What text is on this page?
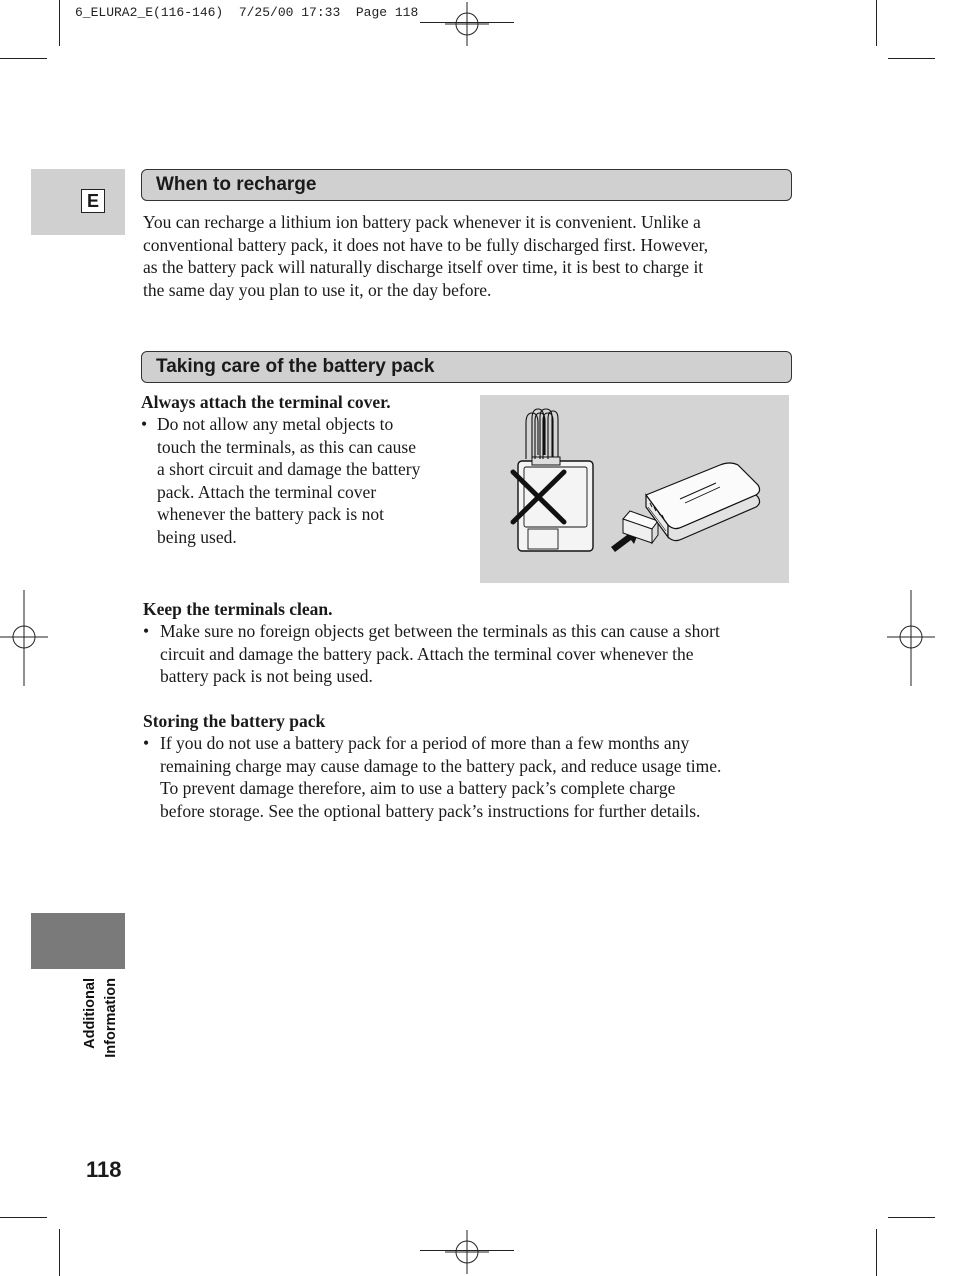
6_ELURA2_E(116-146)  7/25/00 17:33  Page 118
E
When to recharge
You can recharge a lithium ion battery pack whenever it is convenient. Unlike a
conventional battery pack, it does not have to be fully discharged first. However,
as the battery pack will naturally discharge itself over time, it is best to charge it
the same day you plan to use it, or the day before.
Taking care of the battery pack
Always attach the terminal cover.
• Do not allow any metal objects to
touch the terminals, as this can cause
a short circuit and damage the battery
pack. Attach the terminal cover
whenever the battery pack is not
being used.
Keep the terminals clean.
• Make sure no foreign objects get between the terminals as this can cause a short
circuit and damage the battery pack. Attach the terminal cover whenever the
battery pack is not being used.
Storing the battery pack
• If you do not use a battery pack for a period of more than a few months any
remaining charge may cause damage to the battery pack, and reduce usage time.
To prevent damage therefore, aim to use a battery pack’s complete charge
before storage. See the optional battery pack’s instructions for further details.
Additional Information
118
